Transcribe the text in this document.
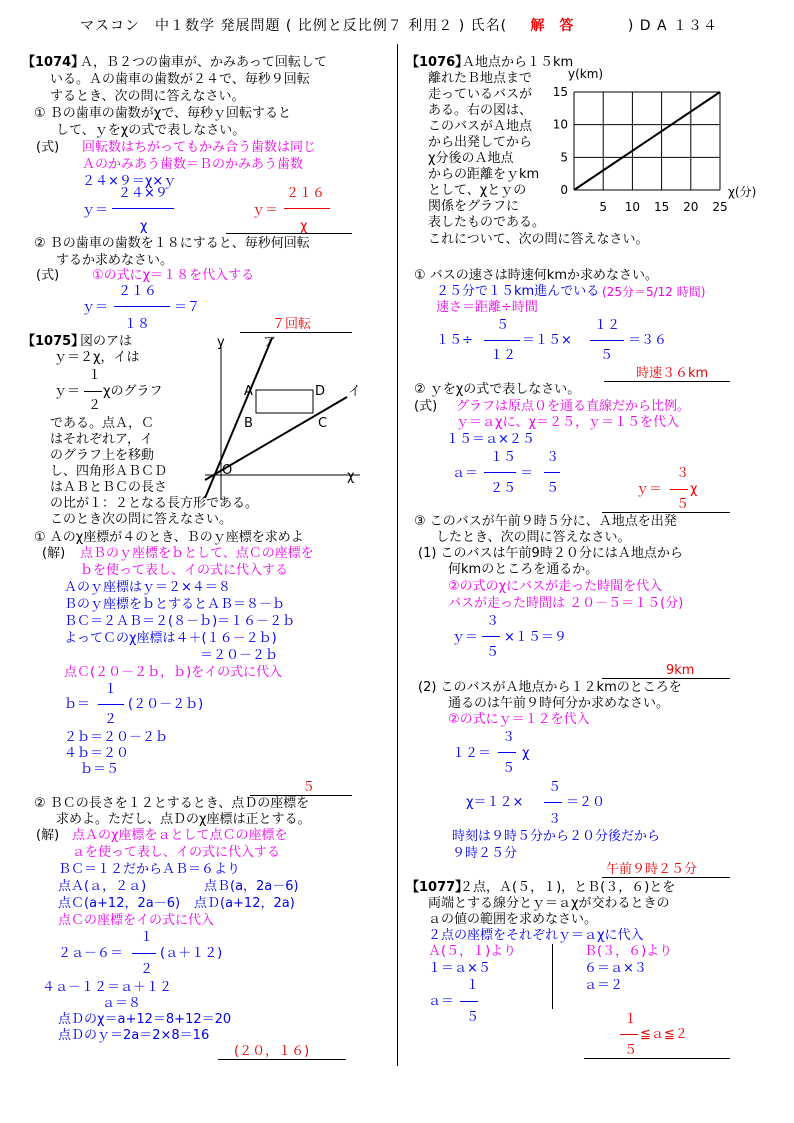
マスコン　中１数学 発展問題 ( 比例と反比例７ 利用２ ) 氏名( 解 答	) D A １３４
【1074】
Ａ，Ｂ２つの歯車が、かみあって回転して
いる。Ａの歯車の歯数が２４で、毎秒９回転
するとき、次の問に答えなさい。
① Ｂの歯車の歯数がχで、毎秒ｙ回転すると
して、ｙをχの式で表しなさい。
(式) 回転数はちがってもかみ合う歯数は同じ
Ａのかみあう歯数＝Ｂのかみあう歯数
２４×９＝χ×ｙ
２４×９
ｙ＝
χ
２１６
ｙ＝
χ
② Ｂの歯車の歯数を１８にすると、毎秒何回転
するか求めなさい。
(式)	①の式にχ＝１８を代入する
２１６
ｙ＝	＝７
１８	７回転
【1075】
図のアは
ｙ＝２χ，イは
１
ｙ＝ χのグラフ
２
である。点Ａ，Ｃ
はそれぞれア，イ
のグラフ上を移動
し、四角形ＡＢＣＤ
はＡＢとＢＣの長さ
の比が１：２となる長方形である。
このとき次の問に答えなさい。
y	ア
イ
χ
O
A
B	C
D
① Ａのχ座標が４のとき、Ｂのｙ座標を求めよ
(解) 点Ｂのｙ座標をｂとして、点Ｃの座標を
ｂを使って表し、イの式に代入する
Ａのｙ座標はｙ＝２×４＝８
Ｂのｙ座標をｂとするとＡＢ＝８－ｂ
ＢＣ＝２ＡＢ＝２(８－ｂ)＝１６－２ｂ
よってＣのχ座標は４＋(１６－２ｂ)
＝２０－２ｂ
点Ｃ(２０－２ｂ，ｂ)をイの式に代入
１
ｂ＝	(２０－２ｂ)
２
２ｂ＝２０－２ｂ
４ｂ＝２０
ｂ＝５
５
② ＢＣの長さを１２とするとき、点Ｄの座標を
求めよ。ただし、点Ｄのχ座標は正とする。
(解) 点Ａのχ座標をａとして点Ｃの座標を
ａを使って表し、イの式に代入する
ＢＣ＝１２だからＡＢ＝６より
点Ａ(ａ，２ａ)	点Ｂ(a，2a－6)
点Ｃ(a+12，2a－6) 点Ｄ(a+12，2a)
点Ｃの座標をイの式に代入
１
２ａ－６＝	(ａ＋１２)
２
４ａ－１２＝ａ＋１２
ａ＝８
点Ｄのχ＝a+12＝8+12＝20
点Ｄのｙ＝2a＝2×8＝16
(２０，１６)
【1076】
Ａ地点から１５km
離れたＢ地点まで
走っているバスが
ある。右の図は、
このバスがＡ地点
から出発してから
χ分後のＡ地点
からの距離をｙkm
として、χとｙの
関係をグラフに
表したものである。
これについて、次の問に答えなさい。
5 10 15 20 25
0
5
10
15
y(km)
χ(分)
① バスの速さは時速何kmか求めなさい。
２５分で１５km進んでいる (25分＝5/12 時間)
速さ＝距離÷時間
５
１５÷
１２
＝１５×
１２
５
＝３６
時速３６km
② ｙをχの式で表しなさい。
(式) グラフは原点０を通る直線だから比例。
ｙ＝ａχに、χ＝２５，ｙ＝１５を代入
１５＝ａ×２５
１５
ａ＝
２５
＝
３
５
３
ｙ＝ χ
５
③ このバスが午前９時５分に、Ａ地点を出発
したとき、次の問に答えなさい。
(1) このバスは午前9時２０分にはＡ地点から
何kmのところを通るか。
②の式のχにバスが走った時間を代入
バスが走った時間は ２０－５＝１５(分)
３
ｙ＝ ×１５＝９
５
9km
(2) このバスがＡ地点から１２kmのところを
通るのは午前９時何分か求めなさい。
②の式にｙ＝１２を代入
３
１２＝ χ
５
５
χ＝１２×	＝２０
３
時刻は９時５分から２０分後だから
９時２５分
午前９時２５分
【1077】
２点，Ａ(５，１)，とＢ(３，６)とを
両端とする線分とｙ＝ａχが交わるときの
ａの値の範囲を求めなさい。
２点の座標をそれぞれｙ＝ａχに代入
Ａ(５，１)より
１＝ａ×５
１
ａ＝
５
Ｂ(３，６)より
６＝ａ×３
ａ＝２
１
≦ａ≦２
５
